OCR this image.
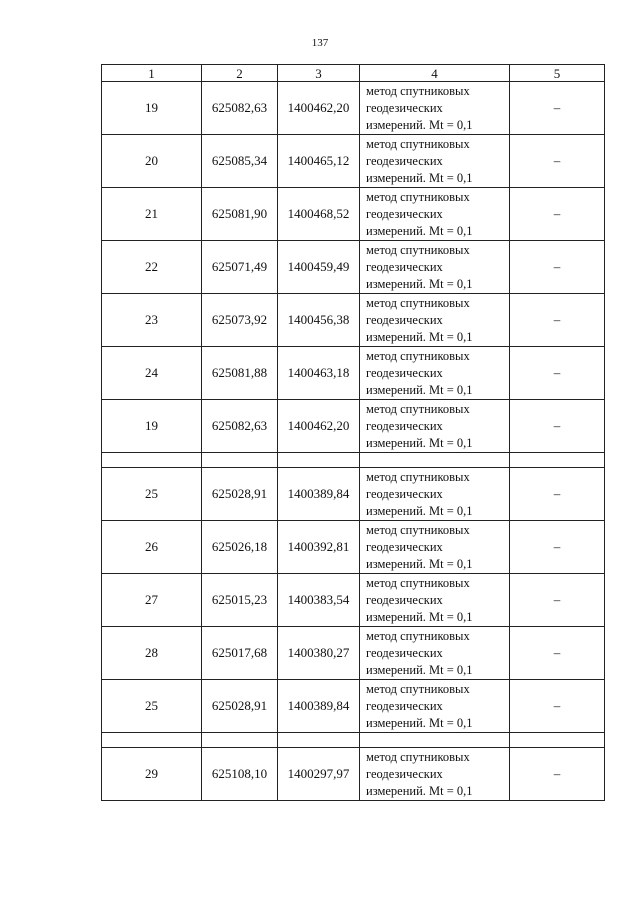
137
1	2	3	4	5
19	625082,63	1400462,20	метод спутниковых
геодезических
измерений. Mt = 0,1	–
20	625085,34	1400465,12	метод спутниковых
геодезических
измерений. Mt = 0,1	–
21	625081,90	1400468,52	метод спутниковых
геодезических
измерений. Mt = 0,1	–
22	625071,49	1400459,49	метод спутниковых
геодезических
измерений. Mt = 0,1	–
23	625073,92	1400456,38	метод спутниковых
геодезических
измерений. Mt = 0,1	–
24	625081,88	1400463,18	метод спутниковых
геодезических
измерений. Mt = 0,1	–
19	625082,63	1400462,20	метод спутниковых
геодезических
измерений. Mt = 0,1	–

25	625028,91	1400389,84	метод спутниковых
геодезических
измерений. Mt = 0,1	–
26	625026,18	1400392,81	метод спутниковых
геодезических
измерений. Mt = 0,1	–
27	625015,23	1400383,54	метод спутниковых
геодезических
измерений. Mt = 0,1	–
28	625017,68	1400380,27	метод спутниковых
геодезических
измерений. Mt = 0,1	–
25	625028,91	1400389,84	метод спутниковых
геодезических
измерений. Mt = 0,1	–

29	625108,10	1400297,97	метод спутниковых
геодезических
измерений. Mt = 0,1	–
